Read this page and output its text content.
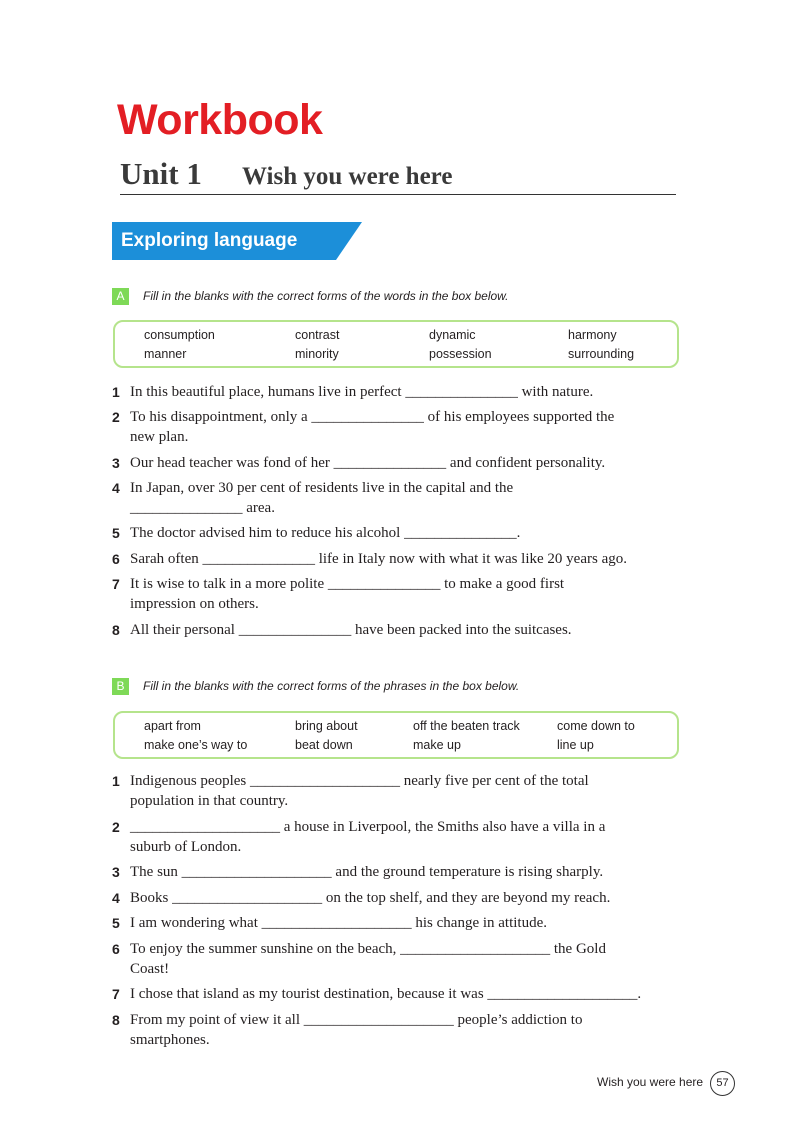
Workbook
Unit 1 Wish you were here
Exploring language
A	Fill in the blanks with the correct forms of the words in the box below.
consumption	contrast	dynamic	harmony
manner	minority	possession	surrounding
1 In this beautiful place, humans live in perfect _______________ with nature.
2 To his disappointment, only a _______________ of his employees supported the
new plan.
3 Our head teacher was fond of her _______________ and confident personality.
4 In Japan, over 30 per cent of residents live in the capital and the
_______________ area.
5 The doctor advised him to reduce his alcohol _______________.
6 Sarah often _______________ life in Italy now with what it was like 20 years ago.
7 It is wise to talk in a more polite _______________ to make a good first
impression on others.
8 All their personal _______________ have been packed into the suitcases.
B	Fill in the blanks with the correct forms of the phrases in the box below.
apart from	bring about	off the beaten track	come down to
make one’s way to	beat down	make up	line up
1 Indigenous peoples ____________________ nearly five per cent of the total
population in that country.
2 ____________________ a house in Liverpool, the Smiths also have a villa in a
suburb of London.
3 The sun ____________________ and the ground temperature is rising sharply.
4 Books ____________________ on the top shelf, and they are beyond my reach.
5 I am wondering what ____________________ his change in attitude.
6 To enjoy the summer sunshine on the beach, ____________________ the Gold
Coast!
7 I chose that island as my tourist destination, because it was ____________________.
8 From my point of view it all ____________________ people’s addiction to
smartphones.
Wish you were here	57
